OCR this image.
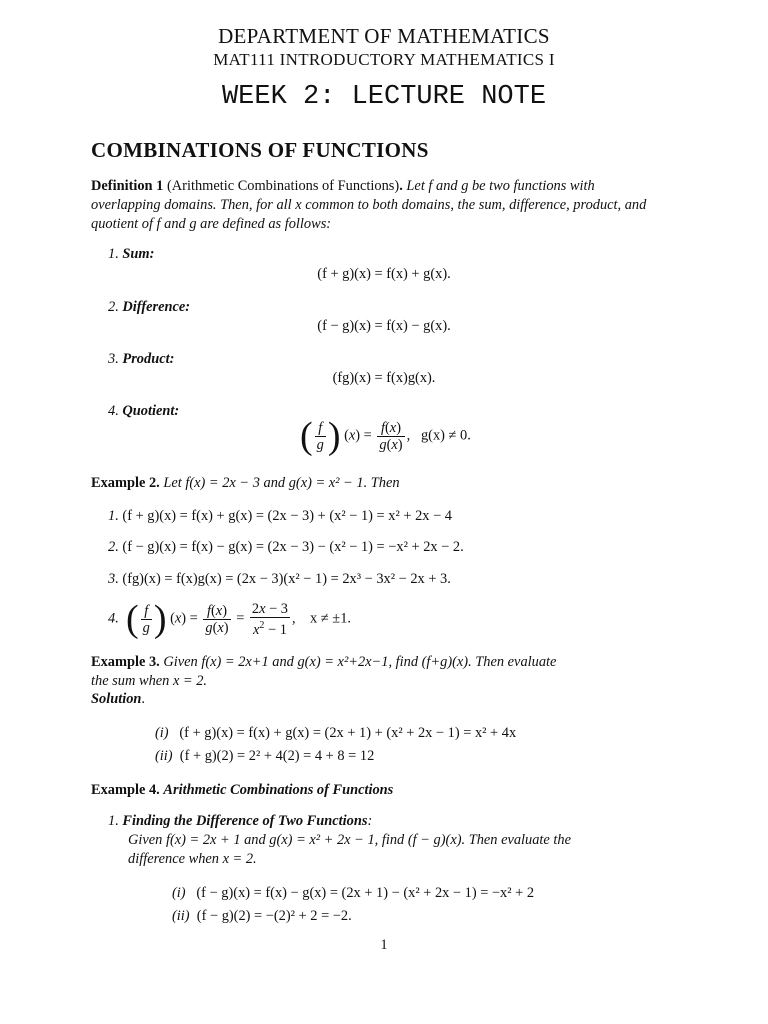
DEPARTMENT OF MATHEMATICS
MAT111 INTRODUCTORY MATHEMATICS I
WEEK 2: LECTURE NOTE
COMBINATIONS OF FUNCTIONS
Definition 1 (Arithmetic Combinations of Functions). Let f and g be two functions with overlapping domains. Then, for all x common to both domains, the sum, difference, product, and quotient of f and g are defined as follows:
1. Sum:
(f + g)(x) = f(x) + g(x).
2. Difference:
(f − g)(x) = f(x) − g(x).
3. Product:
(fg)(x) = f(x)g(x).
4. Quotient:
( $\frac{f}{g}$ ) $(x) = \frac{f(x)}{g(x)}$ ,   g(x) ≠ 0.
Example 2. Let f(x) = 2x − 3 and g(x) = x² − 1. Then
1. (f + g)(x) = f(x) + g(x) = (2x − 3) + (x² − 1) = x² + 2x − 4
2. (f − g)(x) = f(x) − g(x) = (2x − 3) − (x² − 1) = −x² + 2x − 2.
3. (fg)(x) = f(x)g(x) = (2x − 3)(x² − 1) = 2x³ − 3x² − 2x + 3.
4. ( $\frac{f}{g}$ ) $(x) = \frac{f(x)}{g(x)} = \frac{2x - 3}{x^2 - 1}$ ,    x ≠ ±1.
Example 3. Given f(x) = 2x+1 and g(x) = x²+2x−1, find (f+g)(x). Then evaluate
the sum when x = 2.
Solution.
(i) (f + g)(x) = f(x) + g(x) = (2x + 1) + (x² + 2x − 1) = x² + 4x
(ii) (f + g)(2) = 2² + 4(2) = 4 + 8 = 12
Example 4. Arithmetic Combinations of Functions
1. Finding the Difference of Two Functions:
Given f(x) = 2x + 1 and g(x) = x² + 2x − 1, find (f − g)(x). Then evaluate the
difference when x = 2.
(i) (f − g)(x) = f(x) − g(x) = (2x + 1) − (x² + 2x − 1) = −x² + 2
(ii) (f − g)(2) = −(2)² + 2 = −2.
1
